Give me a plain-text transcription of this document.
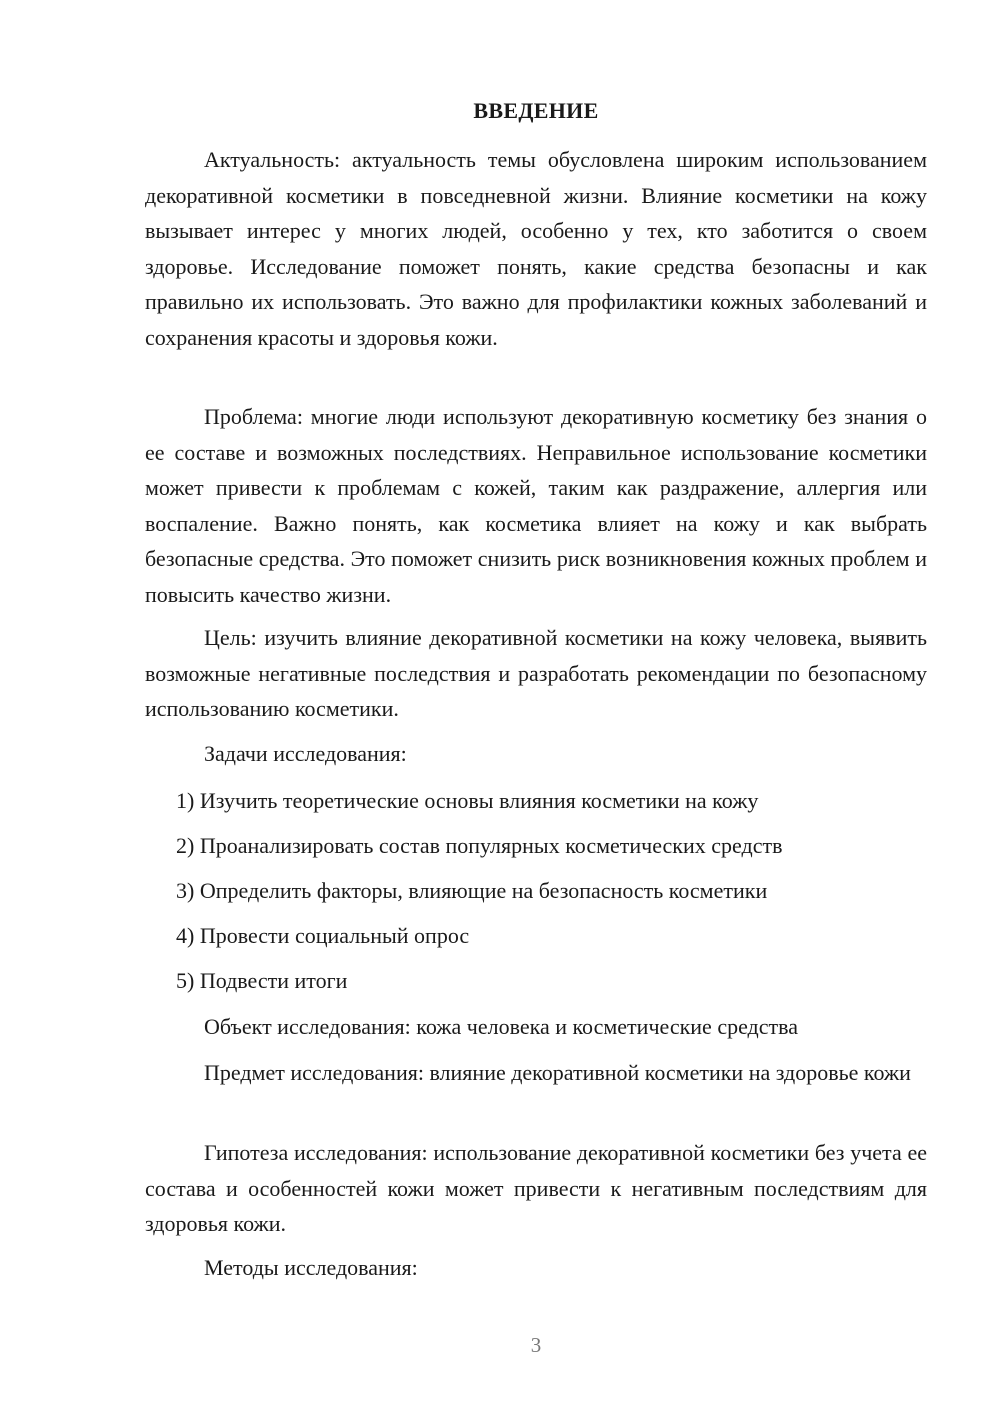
ВВЕДЕНИЕ

Актуальность: актуальность темы обусловлена широким использованием декоративной косметики в повседневной жизни. Влияние косметики на кожу вызывает интерес у многих людей, особенно у тех, кто заботится о своем здоровье. Исследование поможет понять, какие средства безопасны и как правильно их использовать. Это важно для профилактики кожных заболеваний и сохранения красоты и здоровья кожи.

Проблема: многие люди используют декоративную косметику без знания о ее составе и возможных последствиях. Неправильное использование косметики может привести к проблемам с кожей, таким как раздражение, аллергия или воспаление. Важно понять, как косметика влияет на кожу и как выбрать безопасные средства. Это поможет снизить риск возникновения кожных проблем и повысить качество жизни.

Цель: изучить влияние декоративной косметики на кожу человека, выявить возможные негативные последствия и разработать рекомендации по безопасному использованию косметики.

Задачи исследования:

1) Изучить теоретические основы влияния косметики на кожу

2) Проанализировать состав популярных косметических средств

3) Определить факторы, влияющие на безопасность косметики

4) Провести социальный опрос

5) Подвести итоги

Объект исследования: кожа человека и косметические средства

Предмет исследования: влияние декоративной косметики на здоровье кожи

Гипотеза исследования: использование декоративной косметики без учета ее состава и особенностей кожи может привести к негативным последствиям для здоровья кожи.

Методы исследования:

3
